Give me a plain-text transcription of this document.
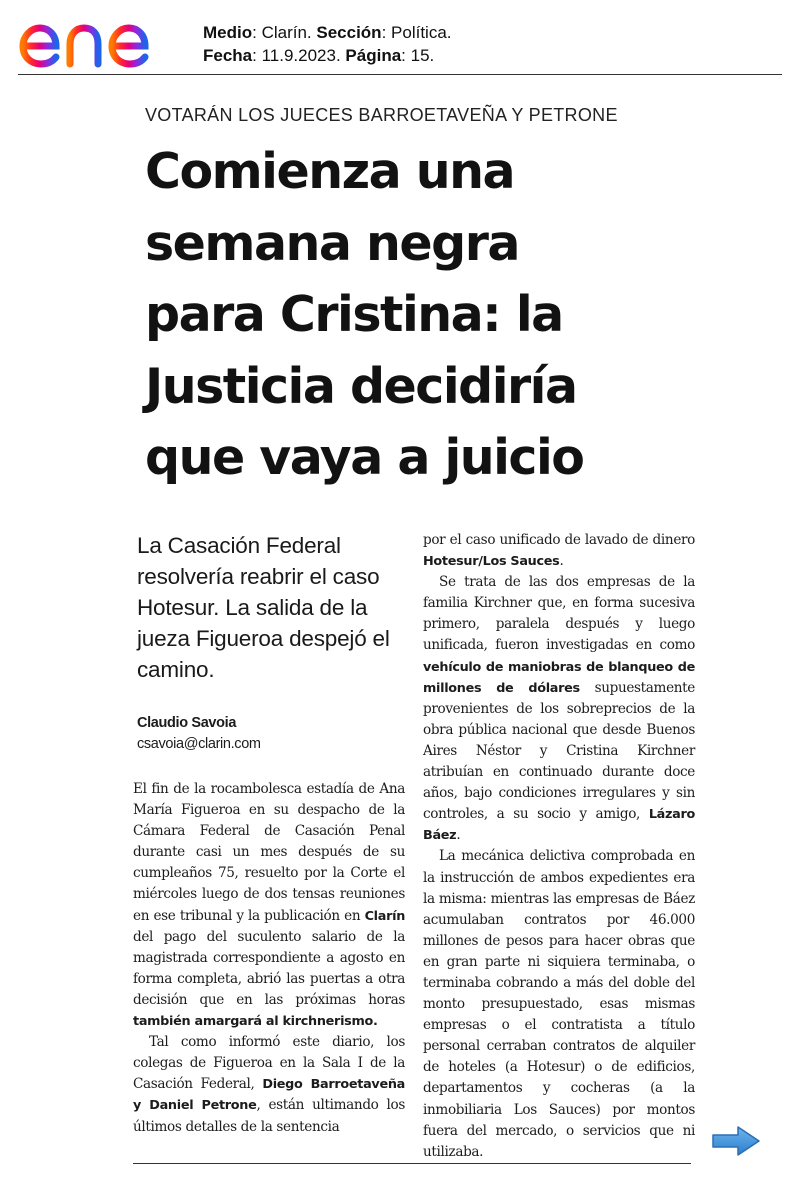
Medio: Clarín. Sección: Política.
Fecha: 11.9.2023. Página: 15.
VOTARÁN LOS JUECES BARROETAVEÑA Y PETRONE
Comienza una
semana negra
para Cristina: la
Justicia decidiría
que vaya a juicio
La Casación Federal resolvería reabrir el caso Hotesur. La salida de la jueza Figueroa despejó el camino.
Claudio Savoia
csavoia@clarin.com

El fin de la rocambolesca estadía de Ana María Figueroa en su despacho de la Cámara Federal de Casación Penal durante casi un mes después de su cumpleaños 75, resuelto por la Corte el miércoles luego de dos tensas reuniones en ese tribunal y la publicación en Clarín del pago del suculento salario de la magistrada correspondiente a agosto en forma completa, abrió las puertas a otra decisión que en las próximas horas también amargará al kirchnerismo.

Tal como informó este diario, los colegas de Figueroa en la Sala I de la Casación Federal, Diego Barroetaveña y Daniel Petrone, están ultimando los últimos detalles de la sentencia

por el caso unificado de lavado de dinero Hotesur/Los Sauces.

Se trata de las dos empresas de la familia Kirchner que, en forma sucesiva primero, paralela después y luego unificada, fueron investigadas en como vehículo de maniobras de blanqueo de millones de dólares supuestamente provenientes de los sobreprecios de la obra pública nacional que desde Buenos Aires Néstor y Cristina Kirchner atribuían en continuado durante doce años, bajo condiciones irregulares y sin controles, a su socio y amigo, Lázaro Báez.

La mecánica delictiva comprobada en la instrucción de ambos expedientes era la misma: mientras las empresas de Báez acumulaban contratos por 46.000 millones de pesos para hacer obras que en gran parte ni siquiera terminaba, o terminaba cobrando a más del doble del monto presupuestado, esas mismas empresas o el contratista a título personal cerraban contratos de alquiler de hoteles (a Hotesur) o de edificios, departamentos y cocheras (a la inmobiliaria Los Sauces) por montos fuera del mercado, o servicios que ni utilizaba.
